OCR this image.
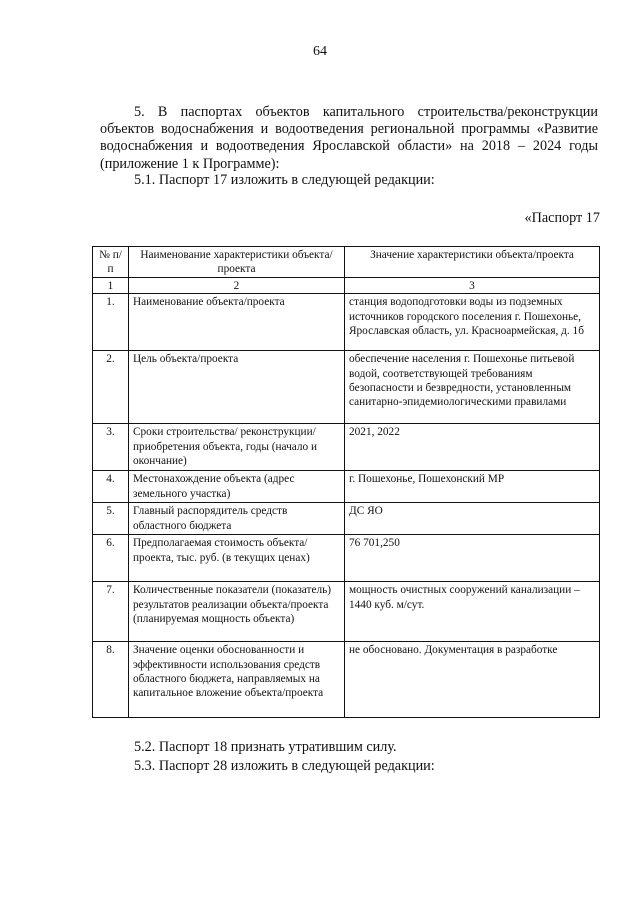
64
5. В паспортах объектов капитального строительства/реконструкции объектов водоснабжения и водоотведения региональной программы «Развитие водоснабжения и водоотведения Ярославской области» на 2018 – 2024 годы (приложение 1 к Программе):
5.1. Паспорт 17 изложить в следующей редакции:
«Паспорт 17
№ п/п	Наименование характеристики объекта/проекта	Значение характеристики объекта/проекта
1	2	3
1.	Наименование объекта/проекта	станция водоподготовки воды из подземных источников городского поселения г. Пошехонье, Ярославская область, ул. Красноармейская, д. 1б
2.	Цель объекта/проекта	обеспечение населения г. Пошехонье питьевой водой, соответствующей требованиям безопасности и безвредности, установленным санитарно-эпидемиологическими правилами
3.	Сроки строительства/ реконструкции/ приобретения объекта, годы (начало и окончание)	2021, 2022
4.	Местонахождение объекта (адрес земельного участка)	г. Пошехонье, Пошехонский МР
5.	Главный распорядитель средств областного бюджета	ДС ЯО
6.	Предполагаемая стоимость объекта/проекта, тыс. руб. (в текущих ценах)	76 701,250
7.	Количественные показатели (показатель) результатов реализации объекта/проекта (планируемая мощность объекта)	мощность очистных сооружений канализации – 1440 куб. м/сут.
8.	Значение оценки обоснованности и эффективности использования средств областного бюджета, направляемых на капитальное вложение объекта/проекта	не обосновано. Документация в разработке
5.2. Паспорт 18 признать утратившим силу.
5.3. Паспорт 28 изложить в следующей редакции:
